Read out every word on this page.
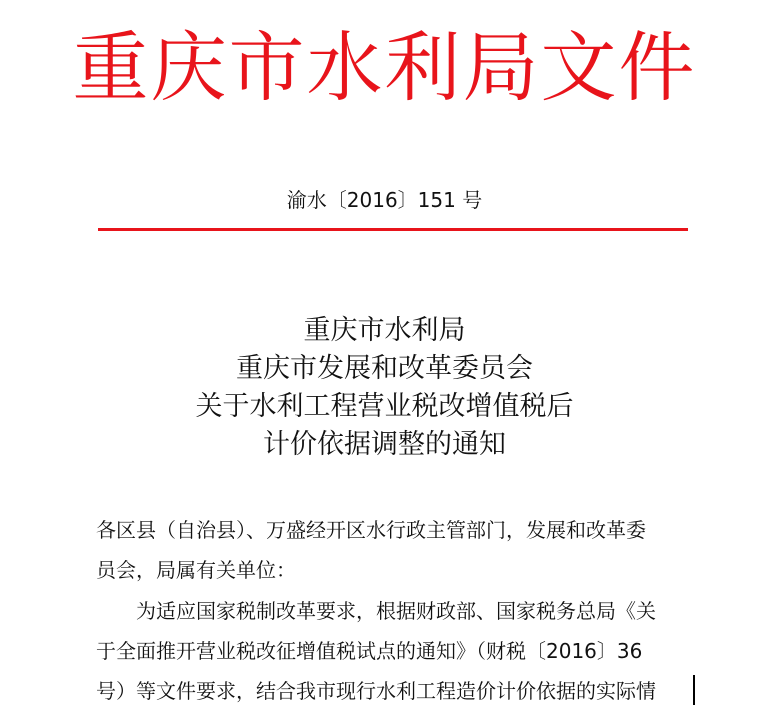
重庆市水利局文件
渝水〔2016〕151 号
重庆市水利局
重庆市发展和改革委员会
关于水利工程营业税改增值税后
计价依据调整的通知
各区县（自治县）、万盛经开区水行政主管部门，发展和改革委
员会，局属有关单位：
为适应国家税制改革要求，根据财政部、国家税务总局《关
于全面推开营业税改征增值税试点的通知》（财税〔2016〕36
号）等文件要求，结合我市现行水利工程造价计价依据的实际情
